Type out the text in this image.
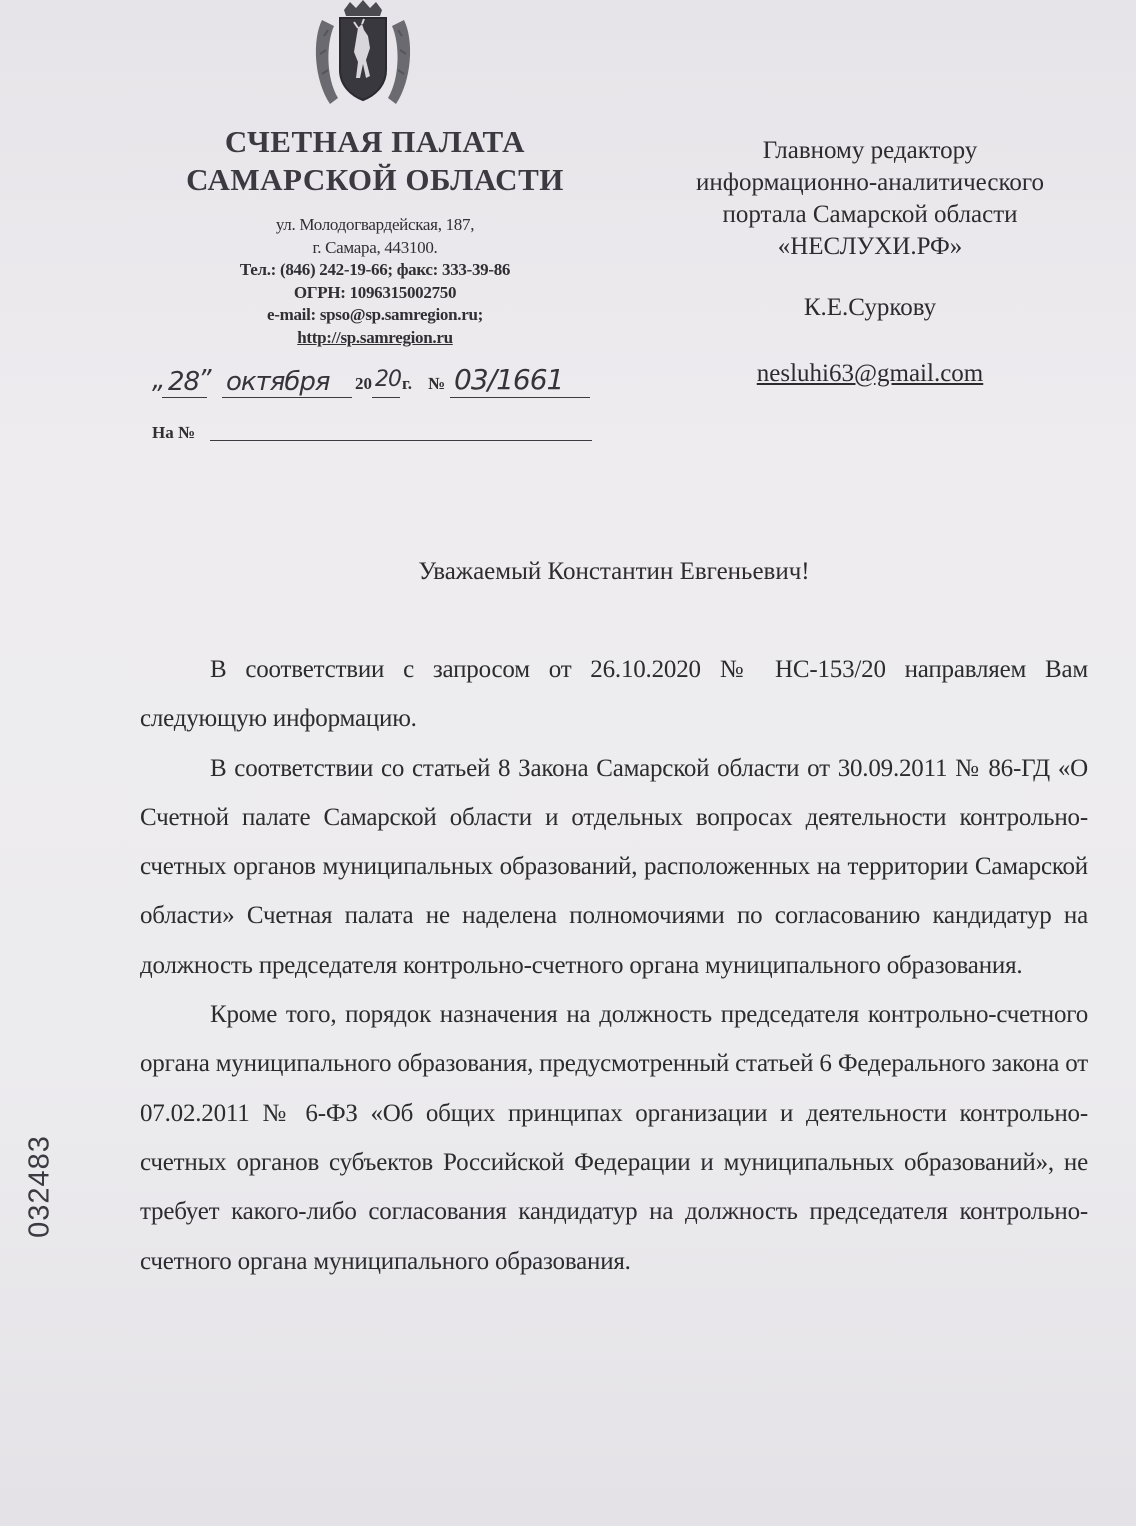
СЧЕТНАЯ ПАЛАТА
САМАРСКОЙ ОБЛАСТИ
ул. Молодогвардейская, 187,
г. Самара, 443100.
Тел.: (846) 242-19-66; факс: 333-39-86
ОГРН: 1096315002750
e-mail: spso@sp.samregion.ru;
http://sp.samregion.ru
„ 28
” октября 20 20 г. № 03/1661
На №
Главному редактору
информационно-аналитического
портала Самарской области
«НЕСЛУХИ.РФ»
К.Е.Суркову
nesluhi63@gmail.com
Уважаемый Константин Евгеньевич!

В соответствии с запросом от 26.10.2020 № НС-153/20 направляем Вам следующую информацию.

В соответствии со статьей 8 Закона Самарской области от 30.09.2011 № 86-ГД «О Счетной палате Самарской области и отдельных вопросах деятельности контрольно-счетных органов муниципальных образований, расположенных на территории Самарской области» Счетная палата не наделена полномочиями по согласованию кандидатур на должность председателя контрольно-счетного органа муниципального образования.

Кроме того, порядок назначения на должность председателя контрольно-счетного органа муниципального образования, предусмотренный статьей 6 Федерального закона от 07.02.2011 № 6-ФЗ «Об общих принципах организации и деятельности контрольно-счетных органов субъектов Российской Федерации и муниципальных образований», не требует какого-либо согласования кандидатур на должность председателя контрольно-счетного органа муниципального образования.

032483
